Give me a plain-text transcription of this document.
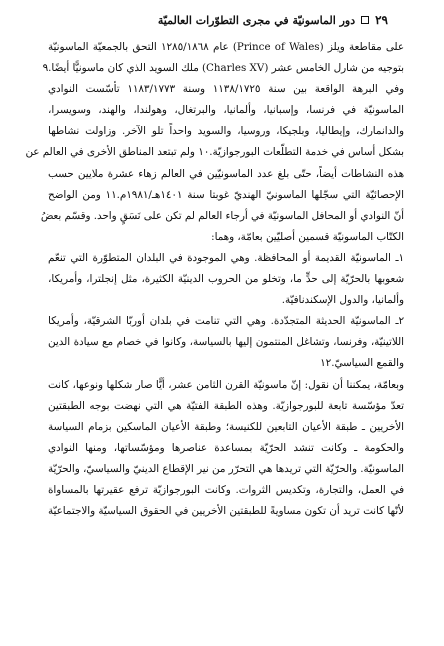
٢٩
دور الماسونيّة في مجرى التطوّرات العالميّة
على مقاطعة ويلز (Prince of Wales) عام ١٢٨٥/١٨٦٨ التحق بالجمعيّة الماسونيّة
بتوجيه من شارل الخامس عشر (Charles XV) ملك السويد الذي كان ماسونيًّا أيضًا.٩
وفي البرهة الواقعة بين سنة ١١٣٨/١٧٢٥ وسنة ١١٨٣/١٧٧٣ تأسّست النوادي
الماسونيّة في فرنسا، وإسبانيا، وألمانيا، والبرتغال، وهولندا، والهند، وسويسرا،
والدانمارك، وإيطاليا، وبلجيكا، وروسيا، والسويد واحداً تلو الآخر. وزاولت نشاطها
بشكل أساس في خدمة التطلّعات البورجوازيّة.١٠ ولم تبتعد المناطق الأخرى في العالم عن
هذه النشاطات أيضاً، حتّى بلغ عدد الماسونيّين في العالم زهاء عشرة ملايين حسب
الإحصائيّة التي سجّلها الماسونيّ الهنديّ غوبتا سنة ١٤٠١هـ/١٩٨١م.١١ ومن الواضح
أنّ النوادي أو المحافل الماسونيّة في أرجاء العالم لم تكن على نَسَقٍ واحد. وقسّم بعضُ
الكتّاب الماسونيّة قسمين أصليّين بعامّة، وهما:
١ـ الماسونيّة القديمة أو المحافظة. وهي الموجودة في البلدان المتطوّرة التي تنعّم
شعوبها بالحرّيّة إلى حدٍّ ما، وتخلو من الحروب الدينيّة الكثيرة، مثل إنجلترا، وأمريكا،
وألمانيا، والدول الإسكندنافيّة.
٢ـ الماسونيّة الحديثة المتجدّدة. وهي التي تنامت في بلدان أوربّا الشرقيّة، وأمريكا
اللاتينيّة، وفرنسا، وتشاغل المنتمون إليها بالسياسة، وكانوا في خصام مع سيادة الدين
والقمع السياسيّ.١٢
وبعامّة، يمكننا أن نقول: إنّ ماسونيّة القرن الثامن عشر، أيًّا صار شكلها ونوعها، كانت
تعدّ مؤسّسة تابعة للبورجوازيّة. وهذه الطبقة الفتيّة هي التي نهضت بوجه الطبقتين
الأخريين ـ طبقة الأعيان التابعين للكنيسة؛ وطبقة الأعيان الماسكين بزمام السياسة
والحكومة ـ وكانت تنشد الحرّيّة بمساعدة عناصرها ومؤسّساتها، ومنها النوادي
الماسونيّة. والحرّيّة التي تريدها هي التحرّر من نير الإقطاع الدينيّ والسياسيّ، والحرّيّة
في العمل، والتجارة، وتكديس الثروات. وكانت البورجوازيّة ترفع عقيرتها بالمساواة
لأنّها كانت تريد أن تكون مساويةً للطبقتين الأخريين في الحقوق السياسيّة والاجتماعيّة
